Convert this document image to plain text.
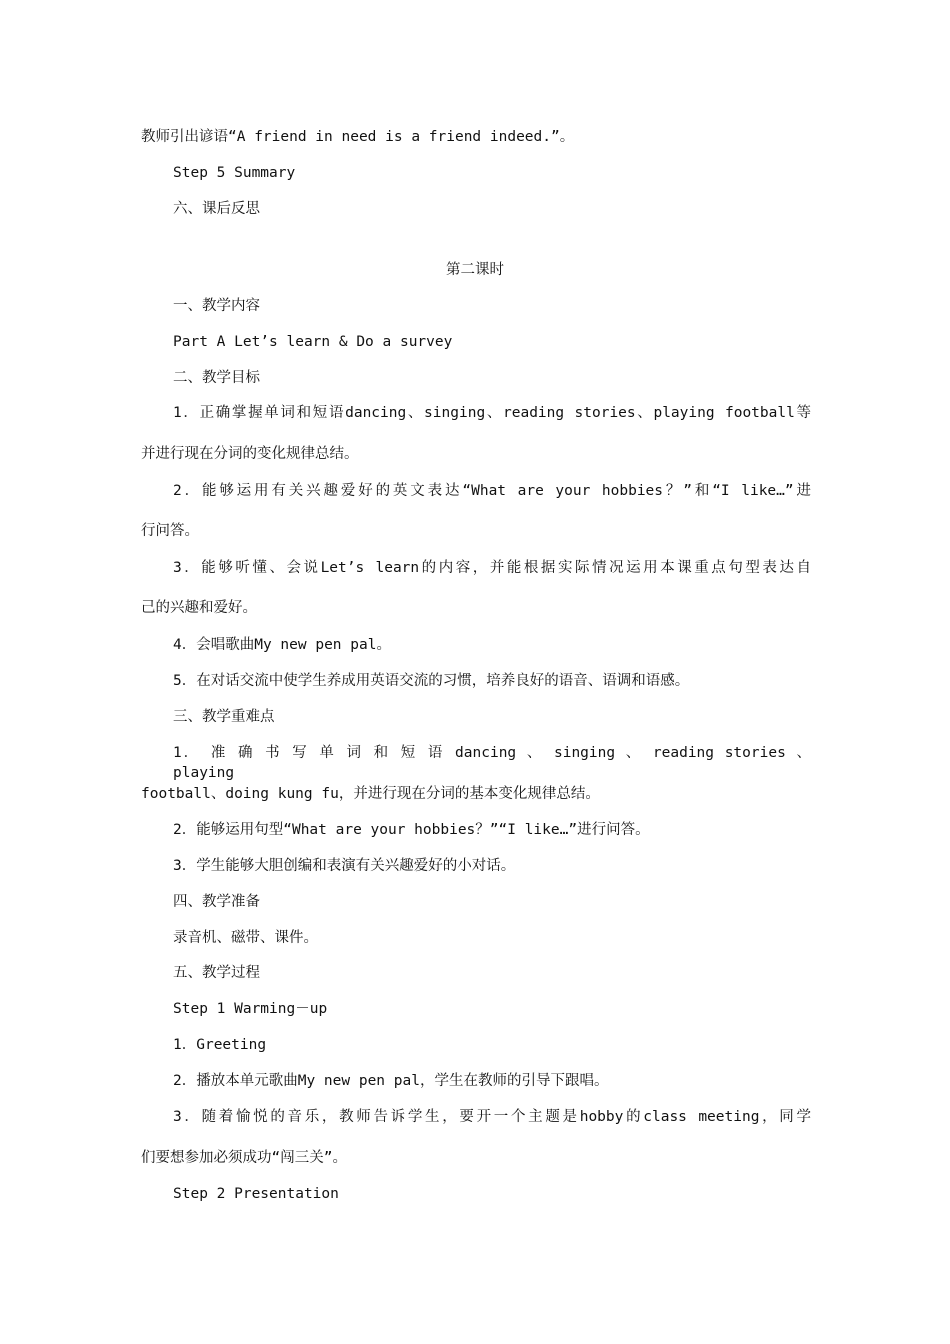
教师引出谚语“A friend in need is a friend indeed.”。
Step 5 Summary
六、课后反思
第二课时
一、教学内容
Part A Let’s learn & Do a survey
二、教学目标
1．正确掌握单词和短语dancing、singing、reading stories、playing football等
并进行现在分词的变化规律总结。
2．能够运用有关兴趣爱好的英文表达“What are your hobbies？”和“I like…”进
行问答。
3．能够听懂、会说Let’s learn的内容，并能根据实际情况运用本课重点句型表达自
己的兴趣和爱好。
4．会唱歌曲My new pen pal。
5．在对话交流中使学生养成用英语交流的习惯，培养良好的语音、语调和语感。
三、教学重难点
1． 准 确 书 写 单 词 和 短 语 dancing 、 singing 、 reading stories 、 playing
football、doing kung fu，并进行现在分词的基本变化规律总结。
2．能够运用句型“What are your hobbies？”“I like…”进行问答。
3．学生能够大胆创编和表演有关兴趣爱好的小对话。
四、教学准备
录音机、磁带、课件。
五、教学过程
Step 1 Warming－up
1．Greeting
2．播放本单元歌曲My new pen pal，学生在教师的引导下跟唱。
3．随着愉悦的音乐，教师告诉学生，要开一个主题是hobby的class meeting，同学
们要想参加必须成功“闯三关”。
Step 2 Presentation
